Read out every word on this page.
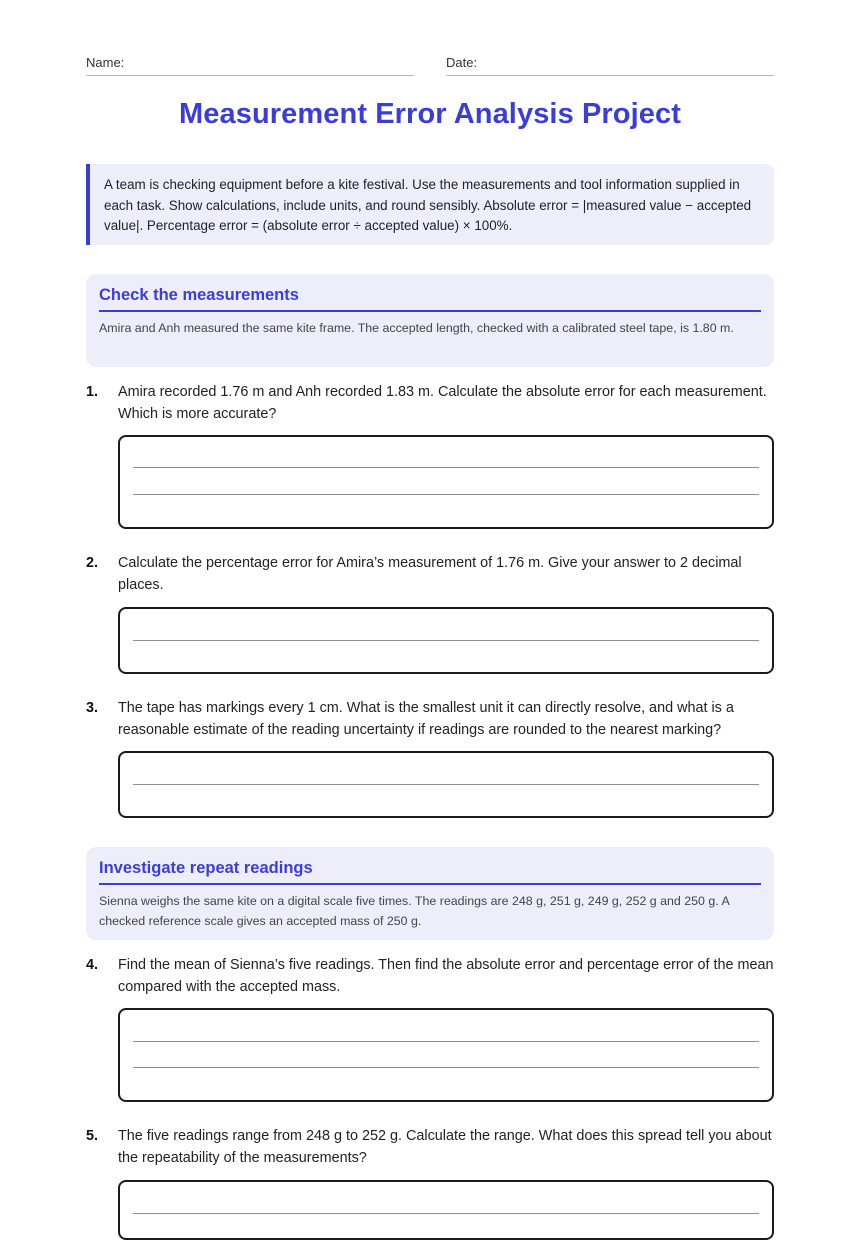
Name:	Date:
Measurement Error Analysis Project
A team is checking equipment before a kite festival. Use the measurements and tool information supplied in each task. Show calculations, include units, and round sensibly. Absolute error = |measured value − accepted value|. Percentage error = (absolute error ÷ accepted value) × 100%.
Check the measurements

Amira and Anh measured the same kite frame. The accepted length, checked with a calibrated steel tape, is 1.80 m.

1. Amira recorded 1.76 m and Anh recorded 1.83 m. Calculate the absolute error for each measurement. Which is more accurate?
2. Calculate the percentage error for Amira’s measurement of 1.76 m. Give your answer to 2 decimal places.
3. The tape has markings every 1 cm. What is the smallest unit it can directly resolve, and what is a reasonable estimate of the reading uncertainty if readings are rounded to the nearest marking?
Investigate repeat readings

Sienna weighs the same kite on a digital scale five times. The readings are 248 g, 251 g, 249 g, 252 g and 250 g. A checked reference scale gives an accepted mass of 250 g.

4. Find the mean of Sienna’s five readings. Then find the absolute error and percentage error of the mean compared with the accepted mass.
5. The five readings range from 248 g to 252 g. Calculate the range. What does this spread tell you about the repeatability of the measurements?
